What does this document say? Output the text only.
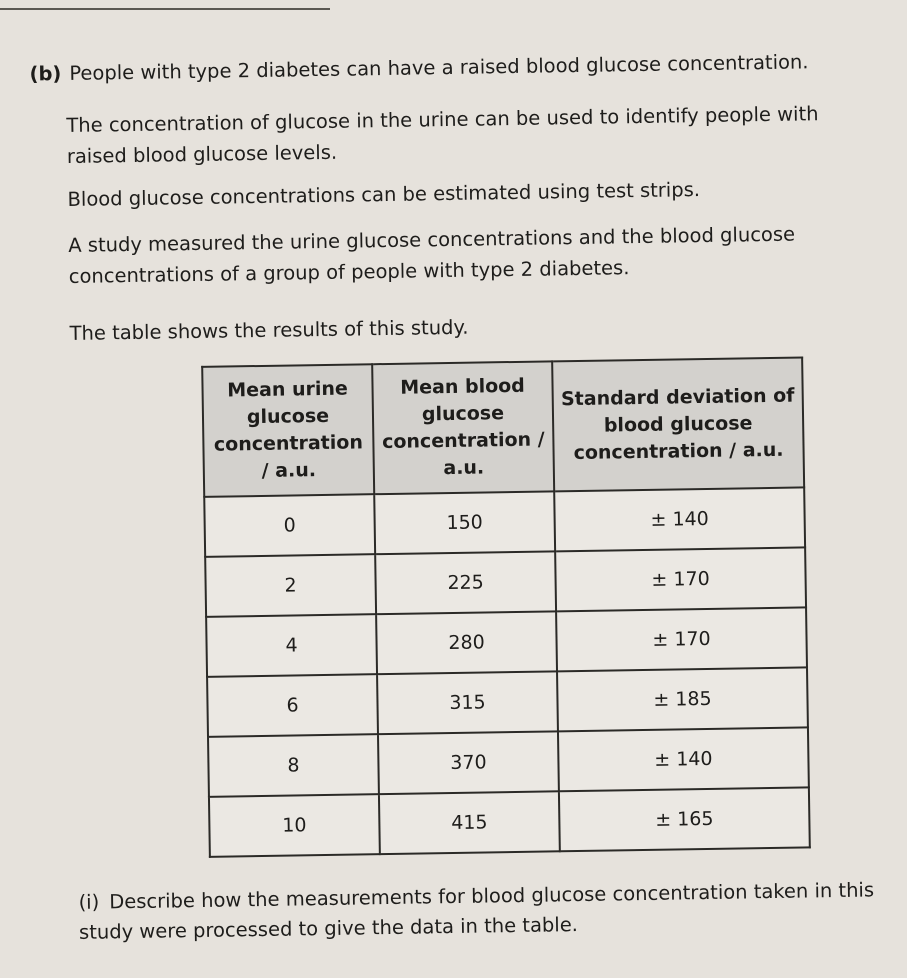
(b) People with type 2 diabetes can have a raised blood glucose concentration.

The concentration of glucose in the urine can be used to identify people with raised blood glucose levels.

Blood glucose concentrations can be estimated using test strips.

A study measured the urine glucose concentrations and the blood glucose concentrations of a group of people with type 2 diabetes.

The table shows the results of this study.

Mean urine glucose concentration / a.u.	Mean blood glucose concentration / a.u.	Standard deviation of blood glucose concentration / a.u.
0	150	± 140
2	225	± 170
4	280	± 170
6	315	± 185
8	370	± 140
10	415	± 165

(i) Describe how the measurements for blood glucose concentration taken in this study were processed to give the data in the table.
